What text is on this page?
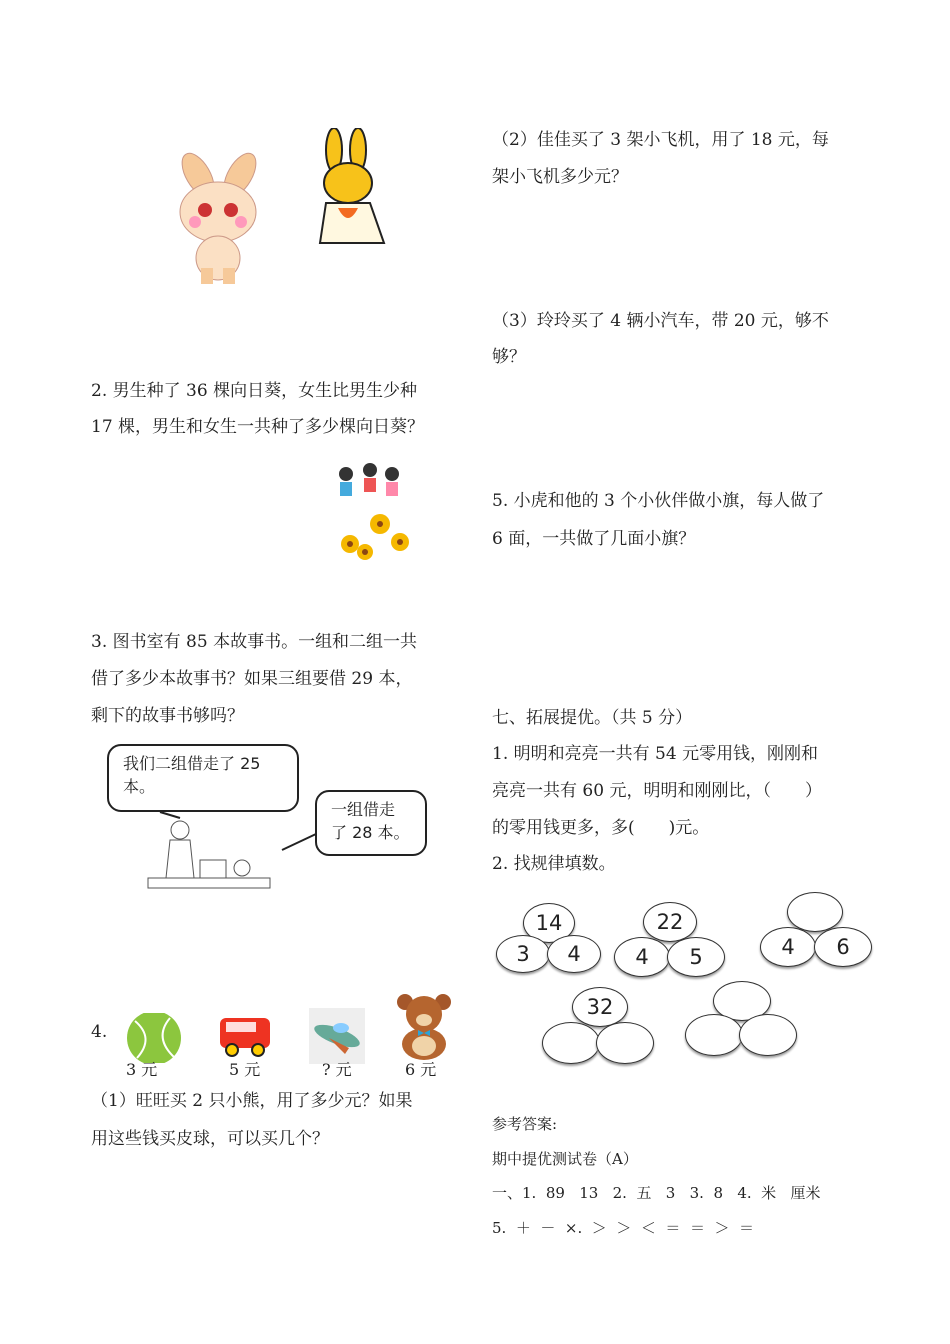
2. 男生种了 36 棵向日葵，女生比男生少种
17 棵，男生和女生一共种了多少棵向日葵？
3. 图书室有 85 本故事书。一组和二组一共
借了多少本故事书？如果三组要借 29 本，
剩下的故事书够吗？
我们二组借走了 25
本。
一组借走
了 28 本。
4.
3 元	5 元	? 元	6 元
（1）旺旺买 2 只小熊，用了多少元？如果
用这些钱买皮球，可以买几个？
（2）佳佳买了 3 架小飞机，用了 18 元，每
架小飞机多少元？
（3）玲玲买了 4 辆小汽车，带 20 元，够不
够？
5. 小虎和他的 3 个小伙伴做小旗，每人做了
6 面，一共做了几面小旗？
七、拓展提优。（共 5 分）
1. 明明和亮亮一共有 54 元零用钱，刚刚和
亮亮一共有 60 元，明明和刚刚比，（　　）
的零用钱更多，多(　　)元。
2. 找规律填数。
14
3	4
22
4	5	4	6
32
参考答案:
期中提优测试卷（A）
一、1.  89   13   2.  五   3   3.  8   4.  米   厘米
5.  ＋  －  ×.  ＞  ＞  ＜  ＝  ＝  ＞  ＝
